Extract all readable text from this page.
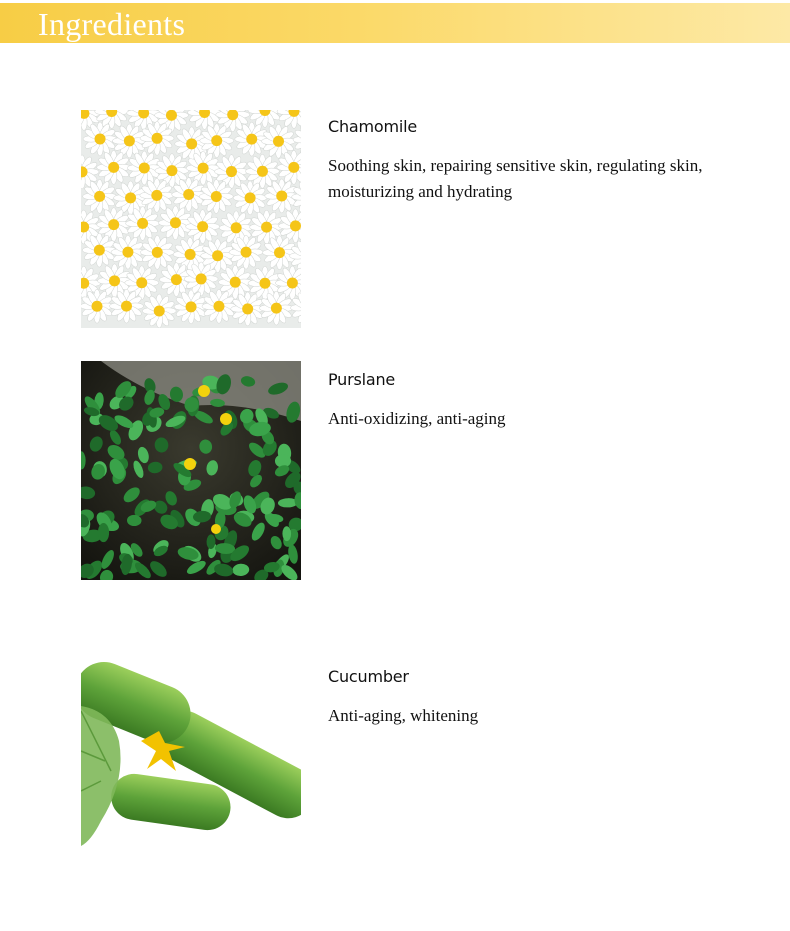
Ingredients
Chamomile
Soothing skin, repairing sensitive skin, regulating skin, moisturizing and hydrating
Purslane
Anti-oxidizing, anti-aging
Cucumber
Anti-aging, whitening
